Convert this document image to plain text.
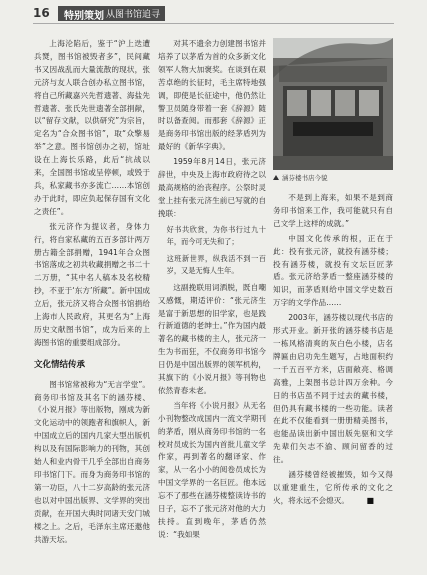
16 特别策划 从图书馆追寻

上海沦陷后，鉴于“沪上迭遭兵燹，图书馆被毁者多”，民间藏书又因战乱而大量流散的现状，张元济与友人联合创办私立图书馆，将自己所藏嘉兴先哲遗著、海盐先哲遗著、张氏先世遗著全部捐献，以“留存文献，以供研究”为宗旨，定名为“合众图书馆”，取“众擎易举”之意。图书馆创办之初，馆址设在上海长乐路，此后“抗战以来，全国图书馆或呈停顿，或毁于兵，私家藏书亦多流亡……本馆创办于此时，即应负起保存国有文化之责任”。

张元济作为提议者，身体力行，将自家私藏的五百多部计两万册古籍全部捐赠，1941年合众图书馆落成之初共收藏捐赠之书二十二万册，“其中名人稿本及名校精抄，不亚于‘东方’所藏”。新中国成立后，张元济又将合众图书馆捐给上海市人民政府，其更名为“上海历史文献图书馆”，成为后来的上海图书馆的重要组成部分。

文化情结传承

图书馆常被称为“无言学堂”。商务印书馆及其名下的涵芬楼、《小说月报》等出版物，刚成为新文化运动中的领跑者和旗帜人，新中国成立后的国内几家大型出版机构以及有国际影响力的刊物，其创始人和业内骨干几乎全部出自商务印书馆门下。而身为商务印书馆的第一功臣，八十二岁高龄的张元济也以对中国出版界、文学界的突出贡献，在开国大典时同诸天安门城楼之上。之后，毛泽东主席还邀他共游天坛。

对其不遗余力创建图书馆并培养了以茅盾为首的众多新文化领军人物大加褒奖。在谈到在艰苦卓绝的长征时，毛主席特地强调，即使是长征途中，他仍然让警卫员随身带着一套《辞源》随时以备查阅。而那套《辞源》正是商务印书馆出版的经茅盾列为最好的《新华字典》。

1959年8月14日，张元济辞世，中央及上海市政府待之以最高规格的治丧程序。公祭时灵堂上挂有张元济生前已写就的自挽联：

好书共欣赏，为你书行过九十年，而今可无失和了；

这班新世界，纵我活不到一百岁，又是无悔人生年。

这副挽联用词洒脱，既自嘲又感慨，期适评价：“张元济生是富于新思想的旧学家，也是践行新道德的老绅士。”作为国内最著名的藏书楼的主人，张元济一生为书而狂，不仅商务印书馆今日仍是中国出版界的领军机构，其旗下的《小说月报》等刊物也依然青春未老。

当年将《小说月报》从无名小刊物整改成国内一流文学期刊的茅盾，刚从商务印书馆的一名校对员成长为国内首批儿童文学作家，再到著名的翻译家、作家，从一名小小的阅卷员成长为中国文学界的一名巨匠。他本远忘不了那些在涵芬楼整读诗书的日子，忘不了张元济对他的大力扶持。直到晚年，茅盾仍然说：“我如果

涵芬楼书店今貌

不是到上海来，如果不是到商务印书馆来工作，我可能就只有自己文学上这样的成就。”

中国文化传承的根，正在于此：投有张元济，就投有涵芬楼；投有涵芬楼，就投有文坛巨匠茅盾。张元济给茅盾一整座涵芬楼的知识，而茅盾则给中国文学史数百万字的文学作品……

2003年，涵芬楼以现代书店的形式开业。新开张的涵芬楼书店是一栋风格清爽的灰白色小楼，店名牌匾由启功先生题写，占地面积约一千五百平方米，店面敞亮、格调高雅，上架图书总计四万余种。今日的书店虽不同于过去的藏书楼，但仍具有藏书楼的一些功能。读者在此不仅能看到一册册精美图书，也能品读出新中国出版先驱和文学先辈们矢志不渝、顾问留香的过往。

涵芬楼曾经被摧毁，如今又得以重建重生，它所传承的文化之火，将永远不会熄灭。 ■
